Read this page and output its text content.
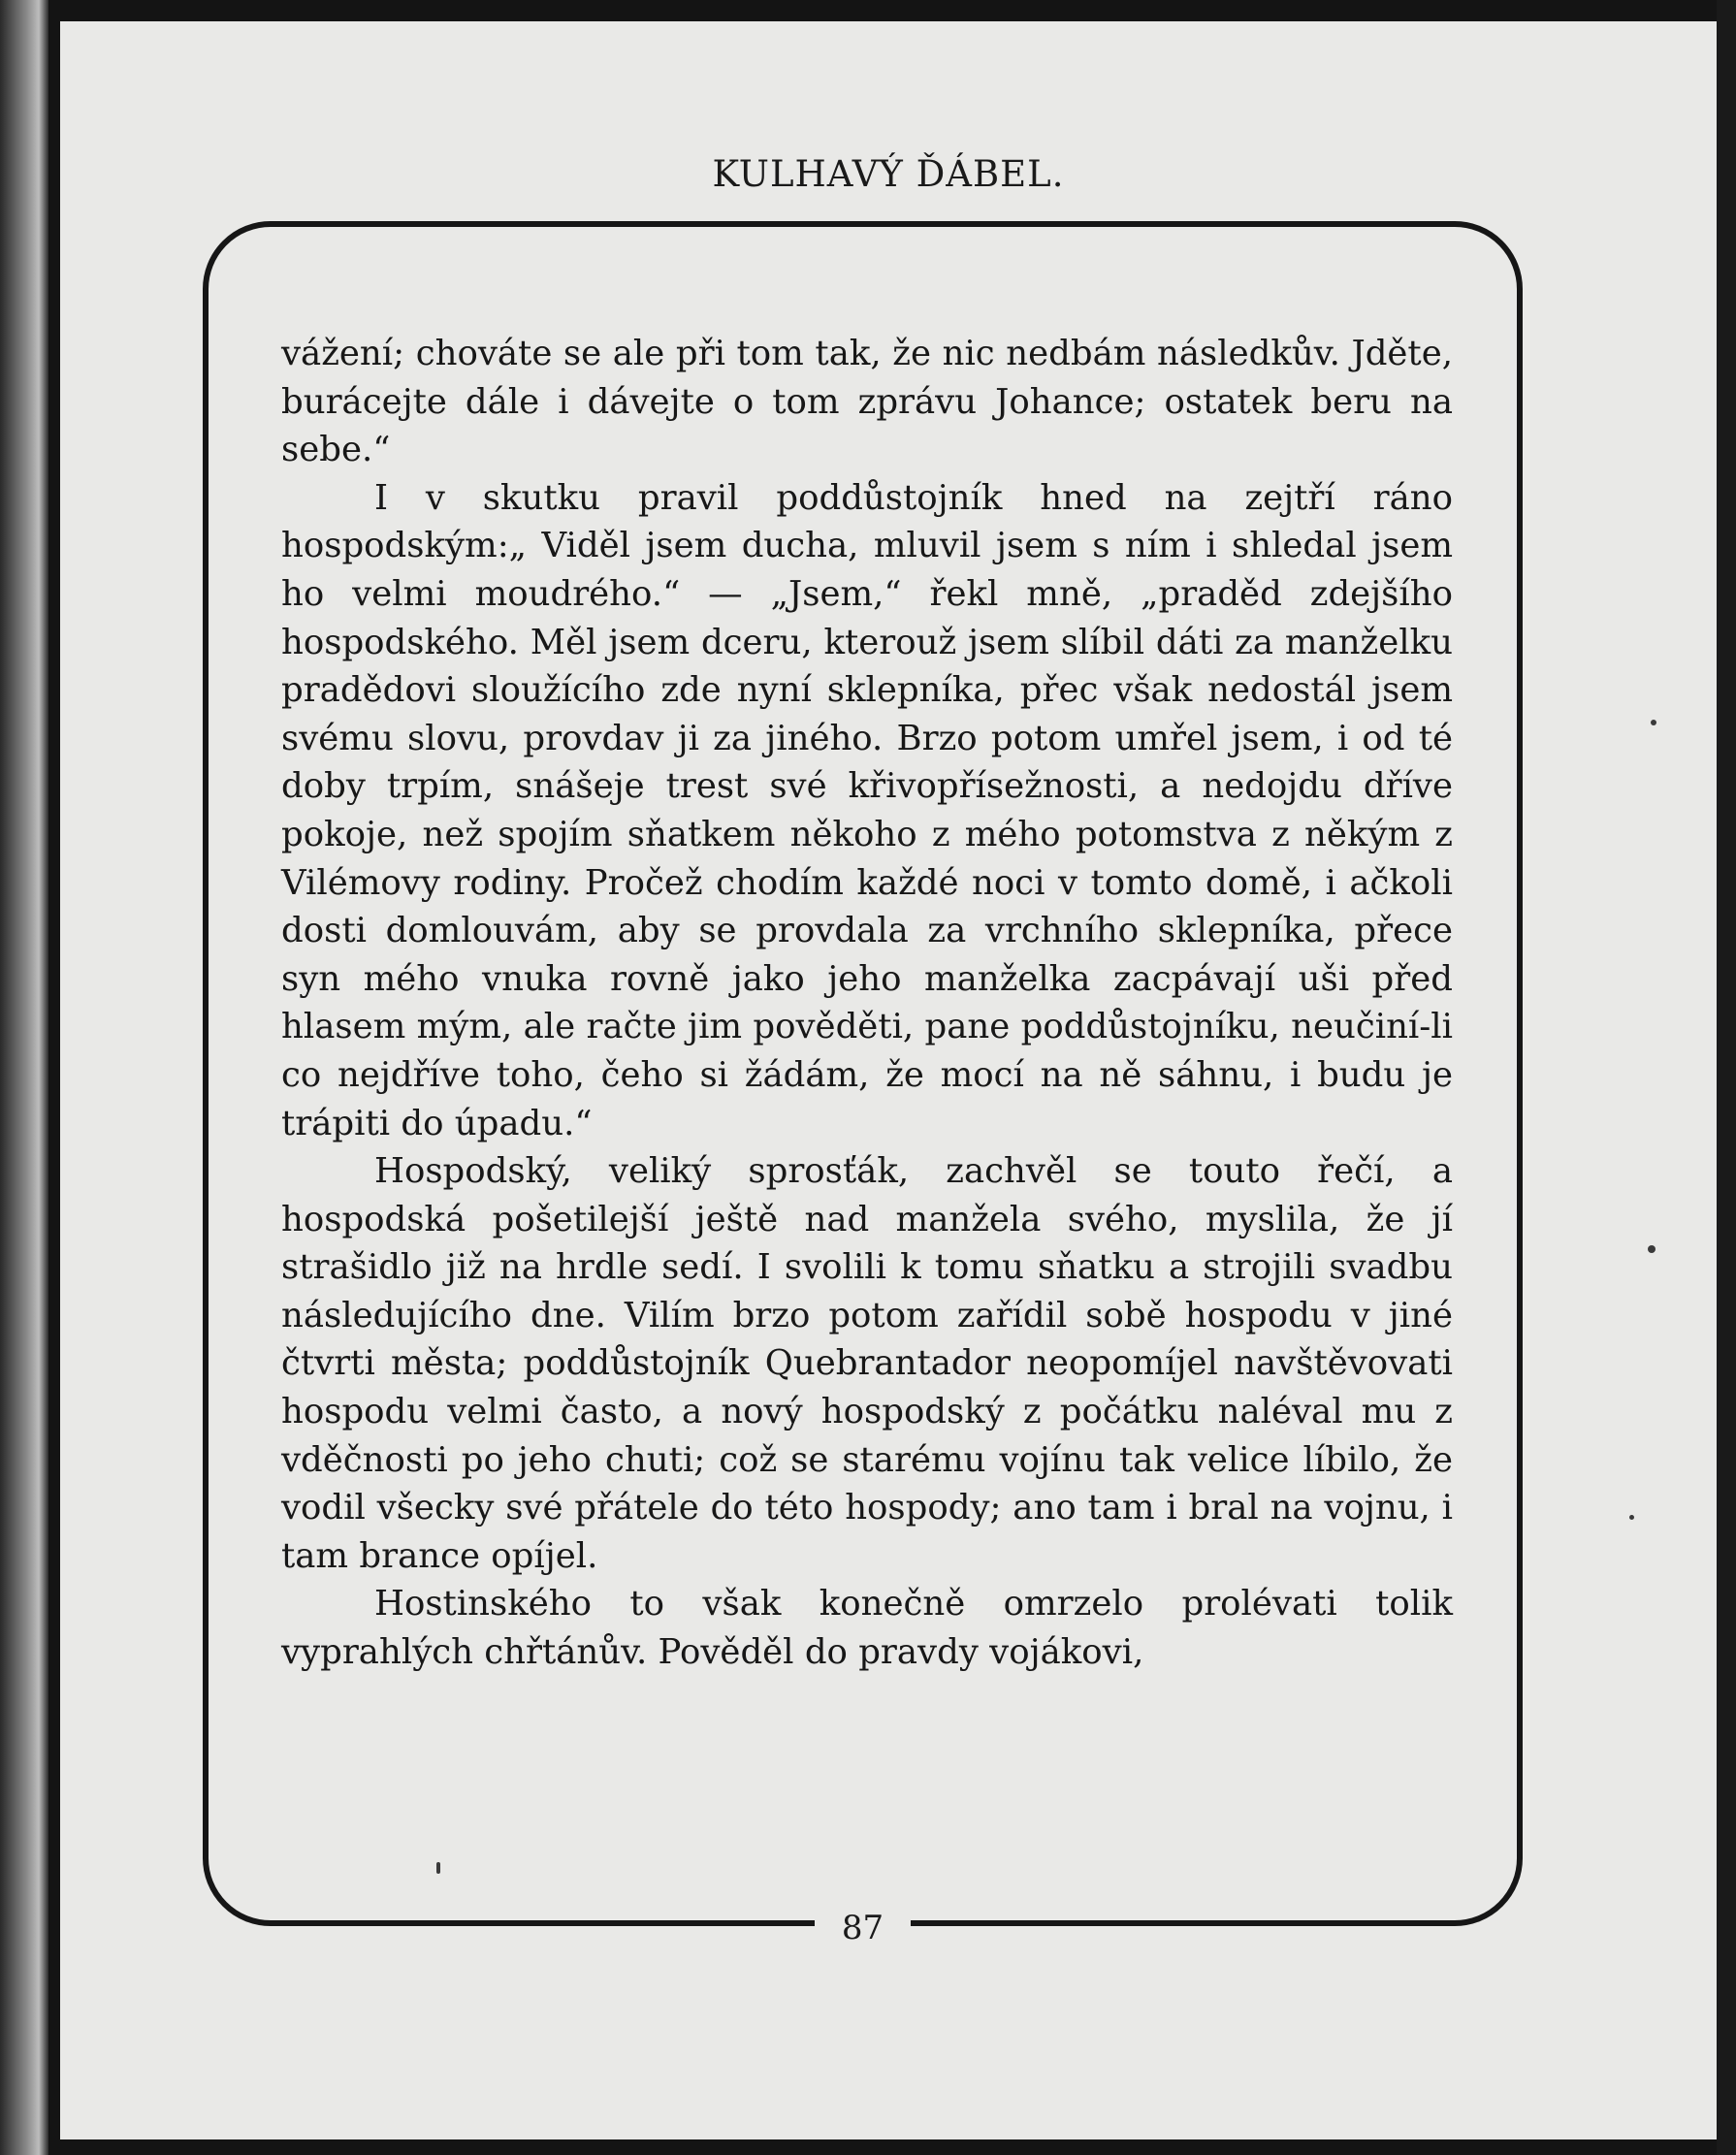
KULHAVÝ ĎÁBEL.

vážení; chováte se ale při tom tak, že nic nedbám následkův. Jděte, burácejte dále i dávejte o tom zprávu Johance; ostatek beru na sebe.“

I v skutku pravil poddůstojník hned na zejtří ráno hospodským:„ Viděl jsem ducha, mluvil jsem s ním i shledal jsem ho velmi moudrého.“ — „Jsem,“ řekl mně, „praděd zdejšího hospodského. Měl jsem dceru, kterouž jsem slíbil dáti za manželku pradědovi sloužícího zde nyní sklepníka, přec však nedostál jsem svému slovu, provdav ji za jiného. Brzo potom umřel jsem, i od té doby trpím, snášeje trest své křivopřísežnosti, a nedojdu dříve pokoje, než spojím sňatkem někoho z mého potomstva z někým z Vilémovy rodiny. Pročež chodím každé noci v tomto domě, i ačkoli dosti domlouvám, aby se provdala za vrchního sklepníka, přece syn mého vnuka rovně jako jeho manželka zacpávají uši před hlasem mým, ale račte jim pověděti, pane poddůstojníku, neučiní-li co nejdříve toho, čeho si žádám, že mocí na ně sáhnu, i budu je trápiti do úpadu.“

Hospodský, veliký sprosťák, zachvěl se touto řečí, a hospodská pošetilejší ještě nad manžela svého, myslila, že jí strašidlo již na hrdle sedí. I svolili k tomu sňatku a strojili svadbu následujícího dne. Vilím brzo potom zařídil sobě hospodu v jiné čtvrti města; poddůstojník Quebrantador neopomíjel navštěvovati hospodu velmi často, a nový hospodský z počátku naléval mu z vděčnosti po jeho chuti; což se starému vojínu tak velice líbilo, že vodil všecky své přátele do této hospody; ano tam i bral na vojnu, i tam brance opíjel.

Hostinského to však konečně omrzelo prolévati tolik vyprahlých chřtánův. Pověděl do pravdy vojákovi,

87
